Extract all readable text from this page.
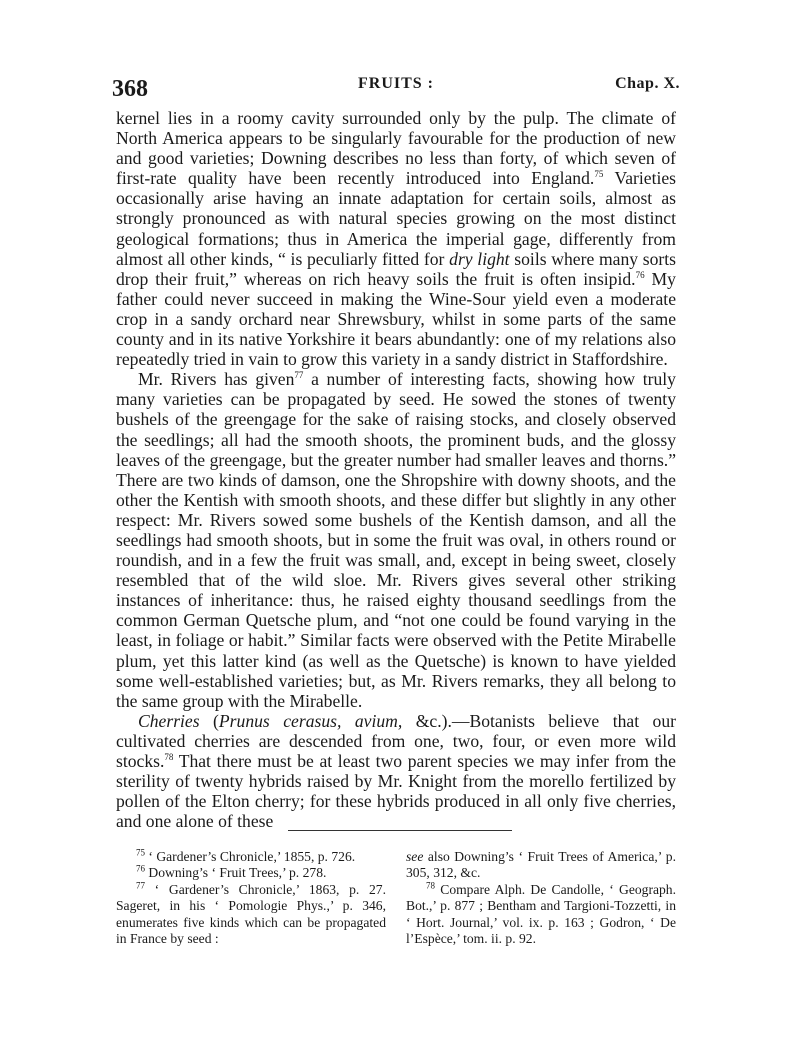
368	FRUITS :	Chap. X.

kernel lies in a roomy cavity surrounded only by the pulp. The climate of North America appears to be singularly favourable for the production of new and good varieties; Downing describes no less than forty, of which seven of first-rate quality have been recently introduced into England.$^{75}$ Varieties occasionally arise having an innate adaptation for certain soils, almost as strongly pronounced as with natural species growing on the most distinct geological formations; thus in America the imperial gage, differently from almost all other kinds, “ is peculiarly fitted for dry light soils where many sorts drop their fruit,” whereas on rich heavy soils the fruit is often insipid.$^{76}$ My father could never succeed in making the Wine-Sour yield even a moderate crop in a sandy orchard near Shrewsbury, whilst in some parts of the same county and in its native Yorkshire it bears abundantly: one of my relations also repeatedly tried in vain to grow this variety in a sandy district in Staffordshire.

Mr. Rivers has given$^{77}$ a number of interesting facts, showing how truly many varieties can be propagated by seed. He sowed the stones of twenty bushels of the greengage for the sake of raising stocks, and closely observed the seedlings; all had the smooth shoots, the prominent buds, and the glossy leaves of the greengage, but the greater number had smaller leaves and thorns.” There are two kinds of damson, one the Shropshire with downy shoots, and the other the Kentish with smooth shoots, and these differ but slightly in any other respect: Mr. Rivers sowed some bushels of the Kentish damson, and all the seedlings had smooth shoots, but in some the fruit was oval, in others round or roundish, and in a few the fruit was small, and, except in being sweet, closely resembled that of the wild sloe. Mr. Rivers gives several other striking instances of inheritance: thus, he raised eighty thousand seedlings from the common German Quetsche plum, and “not one could be found varying in the least, in foliage or habit.” Similar facts were observed with the Petite Mirabelle plum, yet this latter kind (as well as the Quetsche) is known to have yielded some well-established varieties; but, as Mr. Rivers remarks, they all belong to the same group with the Mirabelle.

Cherries (Prunus cerasus, avium, &c.).—Botanists believe that our cultivated cherries are descended from one, two, four, or even more wild stocks.$^{78}$ That there must be at least two parent species we may infer from the sterility of twenty hybrids raised by Mr. Knight from the morello fertilized by pollen of the Elton cherry; for these hybrids produced in all only five cherries, and one alone of these

$^{75}$ ‘ Gardener’s Chronicle,’ 1855, p. 726.

$^{76}$ Downing’s ‘ Fruit Trees,’ p. 278.

$^{77}$ ‘ Gardener’s Chronicle,’ 1863, p. 27. Sageret, in his ‘ Pomologie Phys.,’ p. 346, enumerates five kinds which can be propagated in France by seed :

see also Downing’s ‘ Fruit Trees of America,’ p. 305, 312, &c.

$^{78}$ Compare Alph. De Candolle, ‘ Geograph. Bot.,’ p. 877 ; Bentham and Targioni-Tozzetti, in ‘ Hort. Journal,’ vol. ix. p. 163 ; Godron, ‘ De l’Espèce,’ tom. ii. p. 92.
